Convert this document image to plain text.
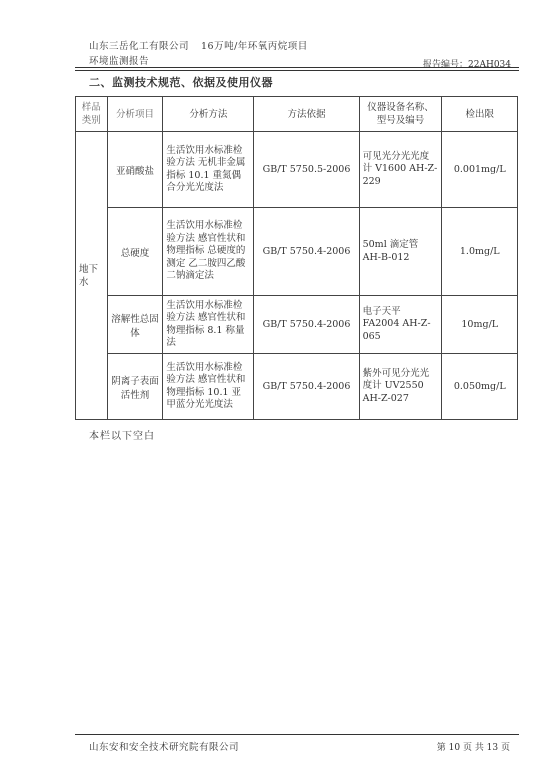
山东三岳化工有限公司 16万吨/年环氧丙烷项目
环境监测报告	报告编号：22AH034
二、监测技术规范、依据及使用仪器
样品类别	分析项目	分析方法	方法依据	仪器设备名称、型号及编号	检出限
地下水	亚硝酸盐	生活饮用水标准检验方法 无机非金属指标 10.1 重氮偶合分光光度法	GB/T 5750.5-2006	可见光分光光度计 V1600 AH-Z-229	0.001mg/L
	总硬度	生活饮用水标准检验方法 感官性状和物理指标 总硬度的测定 乙二胺四乙酸二钠滴定法	GB/T 5750.4-2006	50ml 滴定管 AH-B-012	1.0mg/L
	溶解性总固体	生活饮用水标准检验方法 感官性状和物理指标 8.1 称量法	GB/T 5750.4-2006	电子天平 FA2004 AH-Z-065	10mg/L
	阴离子表面活性剂	生活饮用水标准检验方法 感官性状和物理指标 10.1 亚甲蓝分光光度法	GB/T 5750.4-2006	紫外可见分光光度计 UV2550 AH-Z-027	0.050mg/L
本栏以下空白
山东安和安全技术研究院有限公司	第 10 页 共 13 页
